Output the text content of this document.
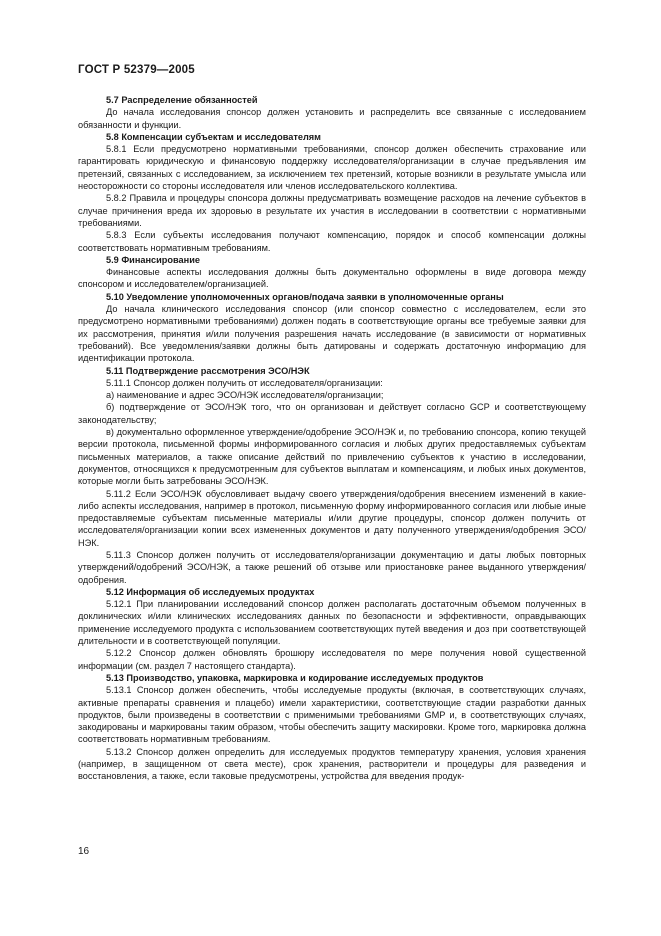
ГОСТ Р 52379—2005
5.7 Распределение обязанностей

До начала исследования спонсор должен установить и распределить все связанные с исследованием обязанности и функции.

5.8 Компенсации субъектам и исследователям

5.8.1 Если предусмотрено нормативными требованиями, спонсор должен обеспечить страхование или гарантировать юридическую и финансовую поддержку исследователя/организации в случае предъявления им претензий, связанных с исследованием, за исключением тех претензий, которые возникли в результате умысла или неосторожности со стороны исследователя или членов исследовательского коллектива.

5.8.2 Правила и процедуры спонсора должны предусматривать возмещение расходов на лечение субъектов в случае причинения вреда их здоровью в результате их участия в исследовании в соответствии с нормативными требованиями.

5.8.3 Если субъекты исследования получают компенсацию, порядок и способ компенсации должны соответствовать нормативным требованиям.

5.9 Финансирование

Финансовые аспекты исследования должны быть документально оформлены в виде договора между спонсором и исследователем/организацией.

5.10 Уведомление уполномоченных органов/подача заявки в уполномоченные органы

До начала клинического исследования спонсор (или спонсор совместно с исследователем, если это предусмотрено нормативными требованиями) должен подать в соответствующие органы все требуемые заявки для их рассмотрения, принятия и/или получения разрешения начать исследование (в зависимости от нормативных требований). Все уведомления/заявки должны быть датированы и содержать достаточную информацию для идентификации протокола.

5.11 Подтверждение рассмотрения ЭСО/НЭК

5.11.1 Спонсор должен получить от исследователя/организации:

а) наименование и адрес ЭСО/НЭК исследователя/организации;

б) подтверждение от ЭСО/НЭК того, что он организован и действует согласно GCP и соответствующему законодательству;

в) документально оформленное утверждение/одобрение ЭСО/НЭК и, по требованию спонсора, копию текущей версии протокола, письменной формы информированного согласия и любых других предоставляемых субъектам письменных материалов, а также описание действий по привлечению субъектов к участию в исследовании, документов, относящихся к предусмотренным для субъектов выплатам и компенсациям, и любых иных документов, которые могли быть затребованы ЭСО/НЭК.

5.11.2 Если ЭСО/НЭК обусловливает выдачу своего утверждения/одобрения внесением изменений в какие-либо аспекты исследования, например в протокол, письменную форму информированного согласия или любые иные предоставляемые субъектам письменные материалы и/или другие процедуры, спонсор должен получить от исследователя/организации копии всех измененных документов и дату полученного утверждения/одобрения ЭСО/НЭК.

5.11.3 Спонсор должен получить от исследователя/организации документацию и даты любых повторных утверждений/одобрений ЭСО/НЭК, а также решений об отзыве или приостановке ранее выданного утверждения/одобрения.

5.12 Информация об исследуемых продуктах

5.12.1 При планировании исследований спонсор должен располагать достаточным объемом полученных в доклинических и/или клинических исследованиях данных по безопасности и эффективности, оправдывающих применение исследуемого продукта с использованием соответствующих путей введения и доз при соответствующей длительности и в соответствующей популяции.

5.12.2 Спонсор должен обновлять брошюру исследователя по мере получения новой существенной информации (см. раздел 7 настоящего стандарта).

5.13 Производство, упаковка, маркировка и кодирование исследуемых продуктов

5.13.1 Спонсор должен обеспечить, чтобы исследуемые продукты (включая, в соответствующих случаях, активные препараты сравнения и плацебо) имели характеристики, соответствующие стадии разработки данных продуктов, были произведены в соответствии с применимыми требованиями GMP и, в соответствующих случаях, закодированы и маркированы таким образом, чтобы обеспечить защиту маскировки. Кроме того, маркировка должна соответствовать нормативным требованиям.

5.13.2 Спонсор должен определить для исследуемых продуктов температуру хранения, условия хранения (например, в защищенном от света месте), срок хранения, растворители и процедуры для разведения и восстановления, а также, если таковые предусмотрены, устройства для введения продук-

16
